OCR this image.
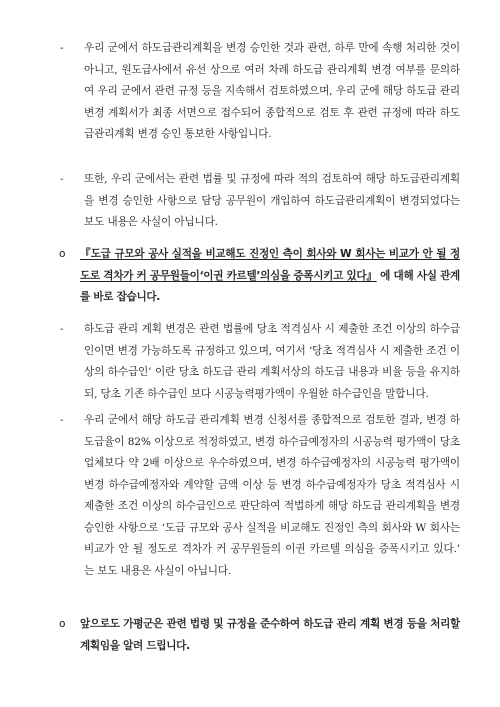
- 우리 군에서 하도급관리계획을 변경 승인한 것과 관련, 하루 만에 속행 처리한 것이 아니고, 원도급사에서 유선 상으로 여러 차례 하도급 관리계획 변경 여부를 문의하여 우리 군에서 관련 규정 등을 지속해서 검토하였으며, 우리 군에 해당 하도급 관리 변경 계획서가 최종 서면으로 접수되어 종합적으로 검토 후 관련 규정에 따라 하도급관리계획 변경 승인 통보한 사항입니다.
- 또한, 우리 군에서는 관련 법률 및 규정에 따라 적의 검토하여 해당 하도급관리계획을 변경 승인한 사항으로 담당 공무원이 개입하여 하도급관리계획이 변경되었다는 보도 내용은 사실이 아닙니다.
o 『도급 규모와 공사 실적을 비교해도 진정인 측이 회사와 W 회사는 비교가 안 될 정도로 격차가 커 공무원들이‘이권 카르텔’의심을 증폭시키고 있다』 에 대해 사실 관계를 바로 잡습니다.
- 하도급 관리 계획 변경은 관련 법률에 당초 적격심사 시 제출한 조건 이상의 하수급인이면 변경 가능하도록 규정하고 있으며, 여기서 ‘당초 적격심사 시 제출한 조건 이상의 하수급인’ 이란 당초 하도급 관리 계획서상의 하도급 내용과 비율 등을 유지하되, 당초 기존 하수급인 보다 시공능력평가액이 우월한 하수급인을 말합니다.
- 우리 군에서 해당 하도급 관리계획 변경 신청서를 종합적으로 검토한 결과, 변경 하도급율이 82% 이상으로 적정하였고, 변경 하수급예정자의 시공능력 평가액이 당초 업체보다 약 2배 이상으로 우수하였으며, 변경 하수급예정자의 시공능력 평가액이 변경 하수급예정자와 계약할 금액 이상 등 변경 하수급예정자가 당초 적격심사 시 제출한 조건 이상의 하수급인으로 판단하여 적법하게 해당 하도급 관리계획을 변경 승인한 사항으로 ‘도급 규모와 공사 실적을 비교해도 진정인 측의 회사와 W 회사는 비교가 안 될 정도로 격차가 커 공무원들의 이권 카르텔 의심을 증폭시키고 있다.’ 는 보도 내용은 사실이 아닙니다.
o 앞으로도 가평군은 관련 법령 및 규정을 준수하여 하도급 관리 계획 변경 등을 처리할 계획임을 알려 드립니다.
